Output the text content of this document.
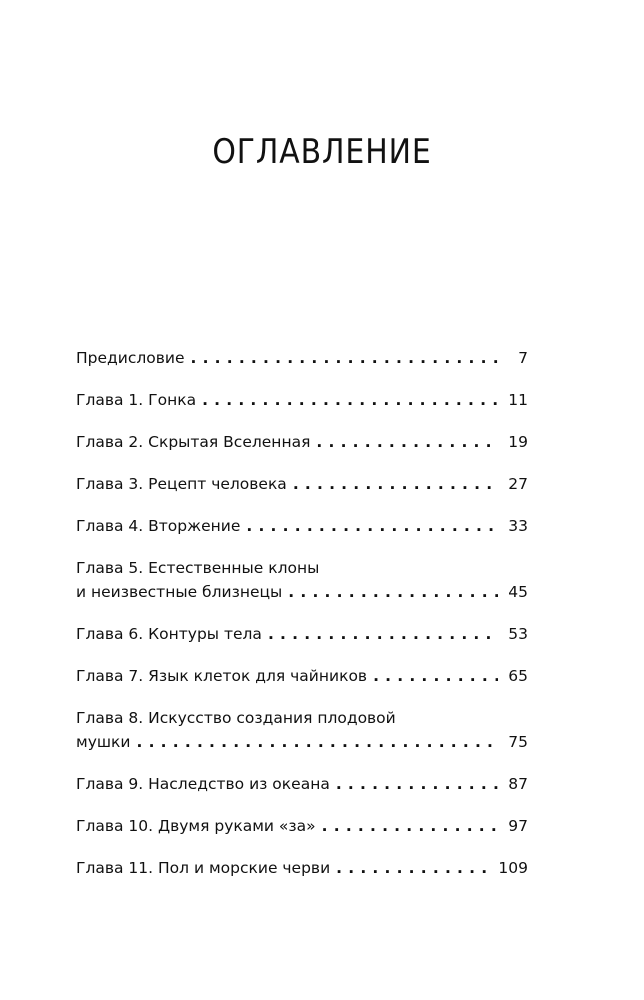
ОГЛАВЛЕНИЕ
Предисловие .....	7
Глава 1. Гонка .....	11
Глава 2. Скрытая Вселенная .....	19
Глава 3. Рецепт человека .....	27
Глава 4. Вторжение .....	33
Глава 5. Естественные клоны
и неизвестные близнецы .....	45
Глава 6. Контуры тела .....	53
Глава 7. Язык клеток для чайников .....	65
Глава 8. Искусство создания плодовой
мушки .....	75
Глава 9. Наследство из океана .....	87
Глава 10. Двумя руками «за» .....	97
Глава 11. Пол и морские черви .....	109
